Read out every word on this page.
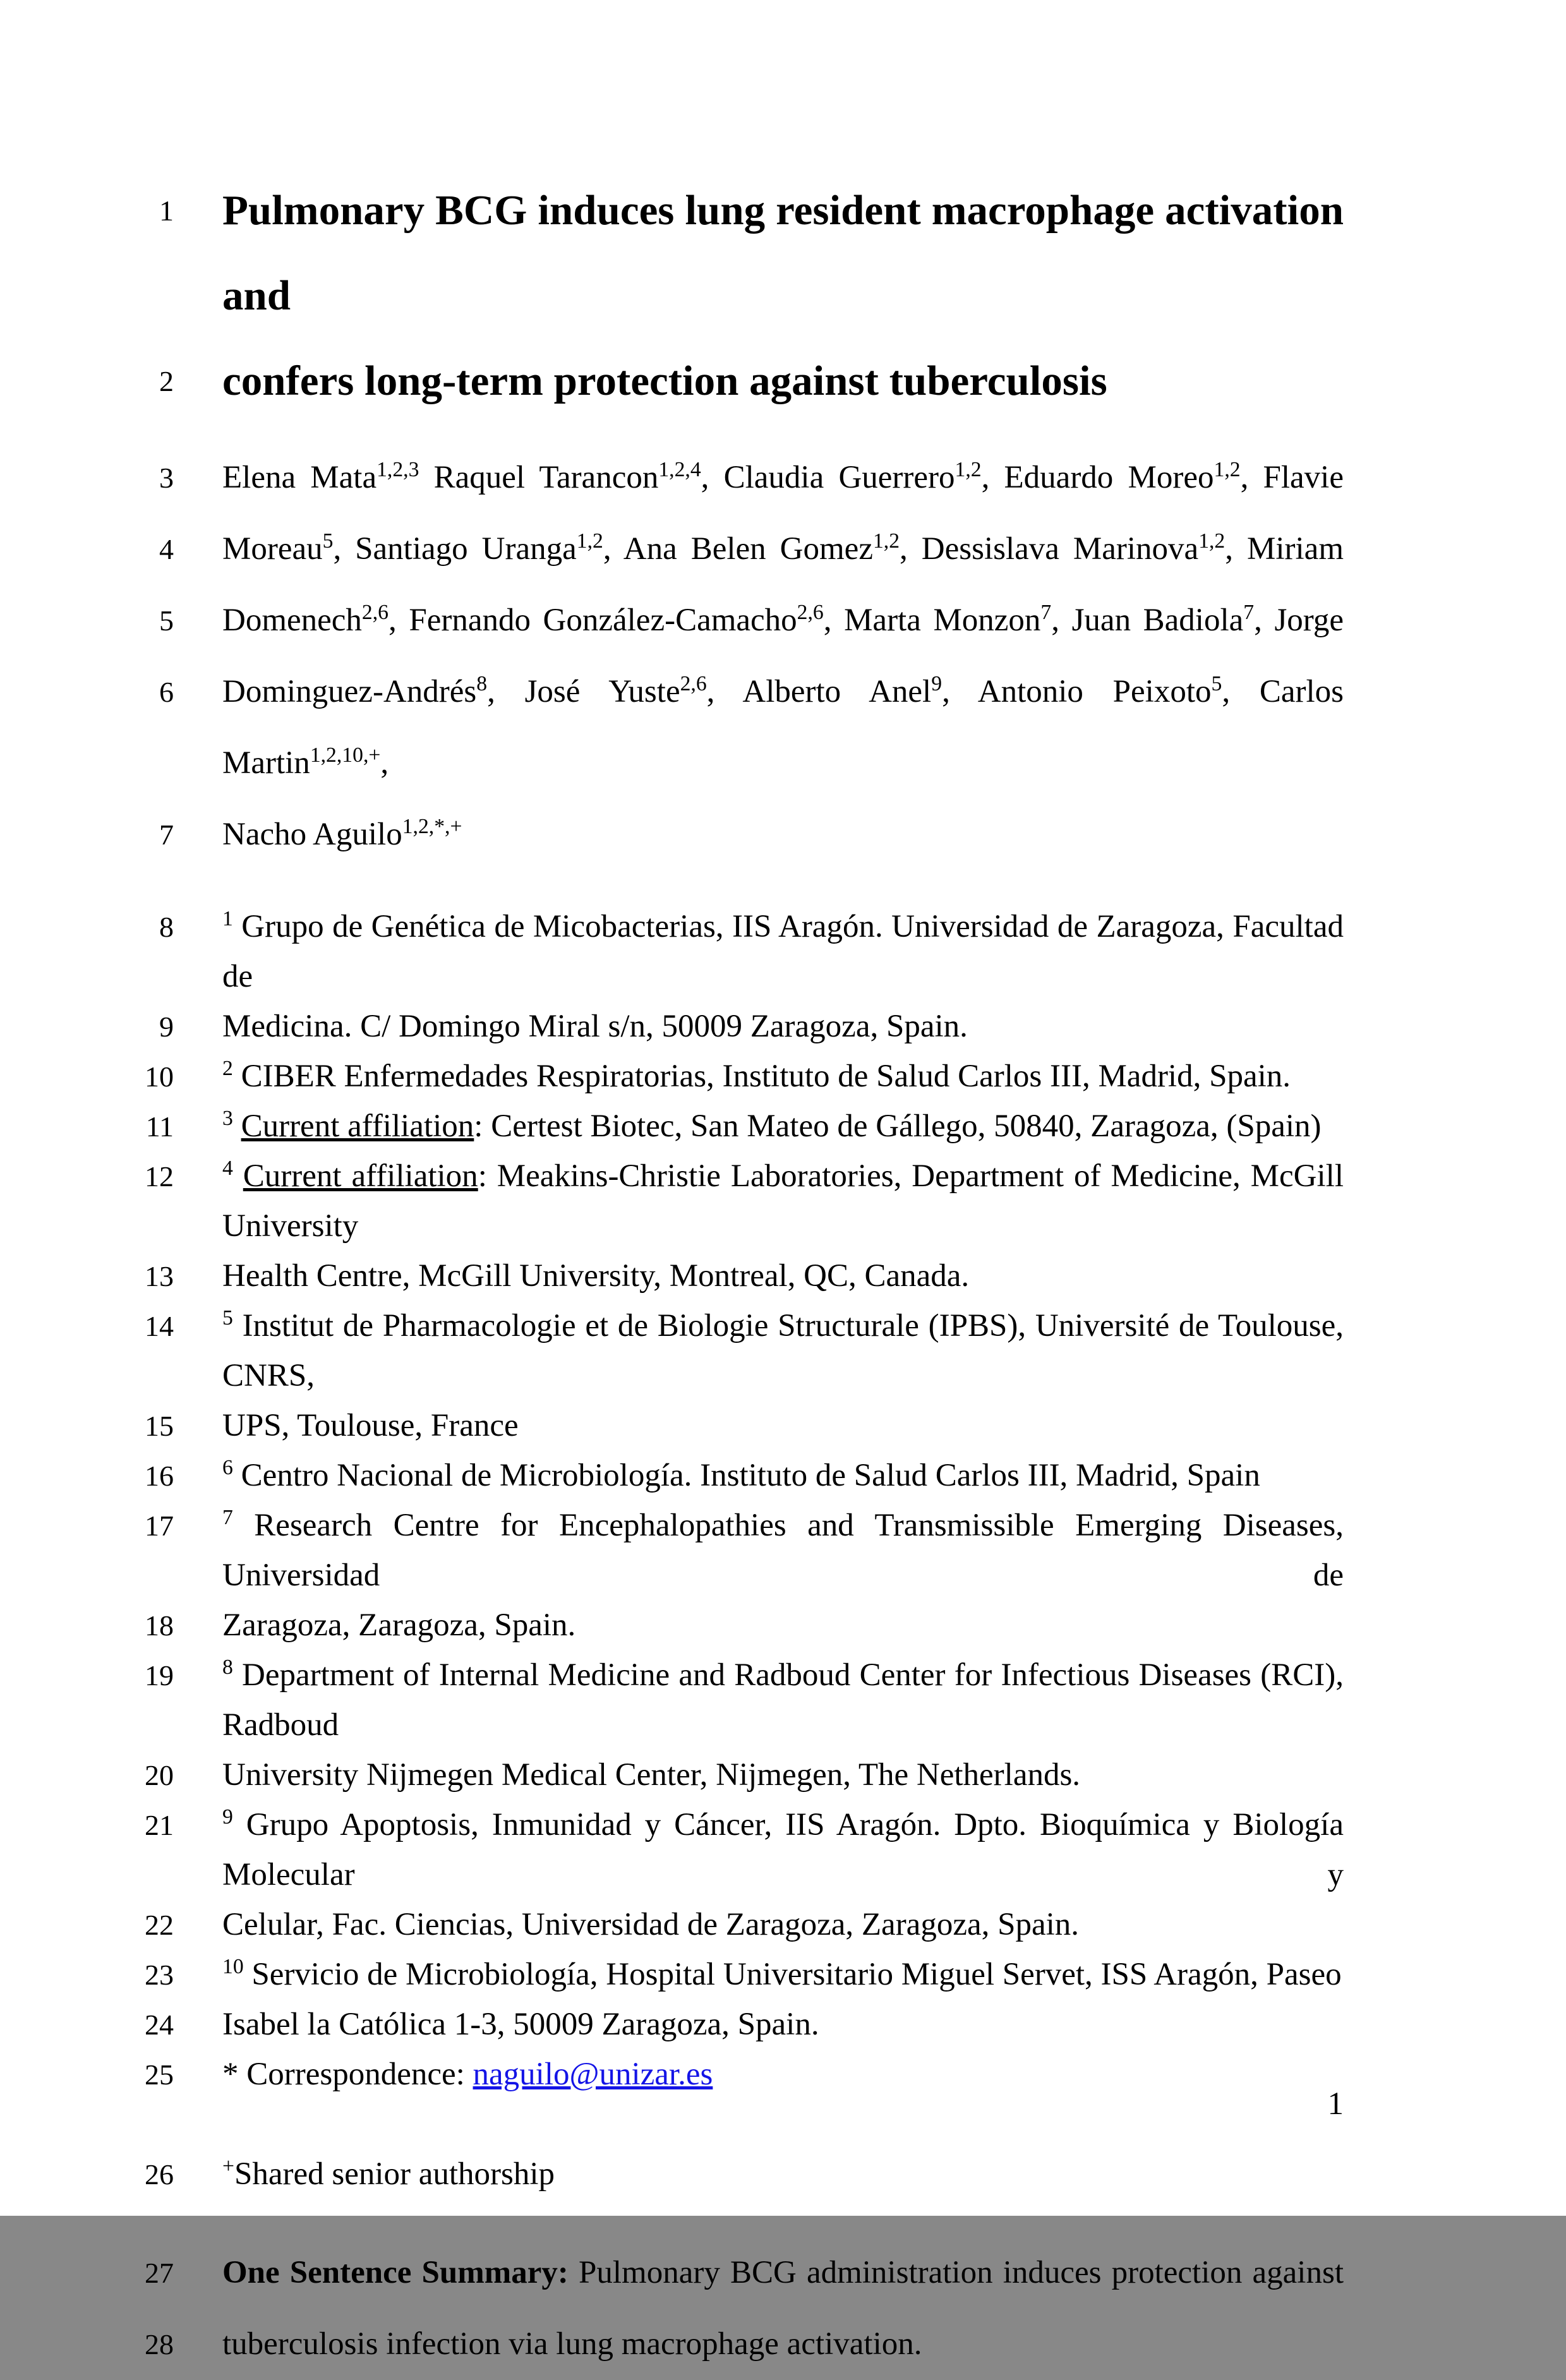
1 Pulmonary BCG induces lung resident macrophage activation and
2 confers long-term protection against tuberculosis
3 Elena Mata$^{1,2,3}$ Raquel Tarancon$^{1,2,4}$, Claudia Guerrero$^{1,2}$, Eduardo Moreo$^{1,2}$, Flavie
4 Moreau$^5$, Santiago Uranga$^{1,2}$, Ana Belen Gomez$^{1,2}$, Dessislava Marinova$^{1,2}$, Miriam
5 Domenech$^{2,6}$, Fernando González-Camacho$^{2,6}$, Marta Monzon$^7$, Juan Badiola$^7$, Jorge
6 Dominguez-Andrés$^8$, José Yuste$^{2,6}$, Alberto Anel$^9$, Antonio Peixoto$^5$, Carlos Martin$^{1,2,10,+}$,
7 Nacho Aguilo$^{1,2,*,+}$
8 $^1$ Grupo de Genética de Micobacterias, IIS Aragón. Universidad de Zaragoza, Facultad de
9 Medicina. C/ Domingo Miral s/n, 50009 Zaragoza, Spain.
10 $^2$ CIBER Enfermedades Respiratorias, Instituto de Salud Carlos III, Madrid, Spain.
11 $^3$ Current affiliation: Certest Biotec, San Mateo de Gállego, 50840, Zaragoza, (Spain)
12 $^4$ Current affiliation: Meakins-Christie Laboratories, Department of Medicine, McGill University
13 Health Centre, McGill University, Montreal, QC, Canada.
14 $^5$ Institut de Pharmacologie et de Biologie Structurale (IPBS), Université de Toulouse, CNRS,
15 UPS, Toulouse, France
16 $^6$ Centro Nacional de Microbiología. Instituto de Salud Carlos III, Madrid, Spain
17 $^7$ Research Centre for Encephalopathies and Transmissible Emerging Diseases, Universidad de
18 Zaragoza, Zaragoza, Spain.
19 $^8$ Department of Internal Medicine and Radboud Center for Infectious Diseases (RCI), Radboud
20 University Nijmegen Medical Center, Nijmegen, The Netherlands.
21 $^9$ Grupo Apoptosis, Inmunidad y Cáncer, IIS Aragón. Dpto. Bioquímica y Biología Molecular y
22 Celular, Fac. Ciencias, Universidad de Zaragoza, Zaragoza, Spain.
23 $^{10}$ Servicio de Microbiología, Hospital Universitario Miguel Servet, ISS Aragón, Paseo
24 Isabel la Católica 1-3, 50009 Zaragoza, Spain.
25 * Correspondence: naguilo@unizar.es
26 +Shared senior authorship
27 One Sentence Summary: Pulmonary BCG administration induces protection against
28 tuberculosis infection via lung macrophage activation.
1
